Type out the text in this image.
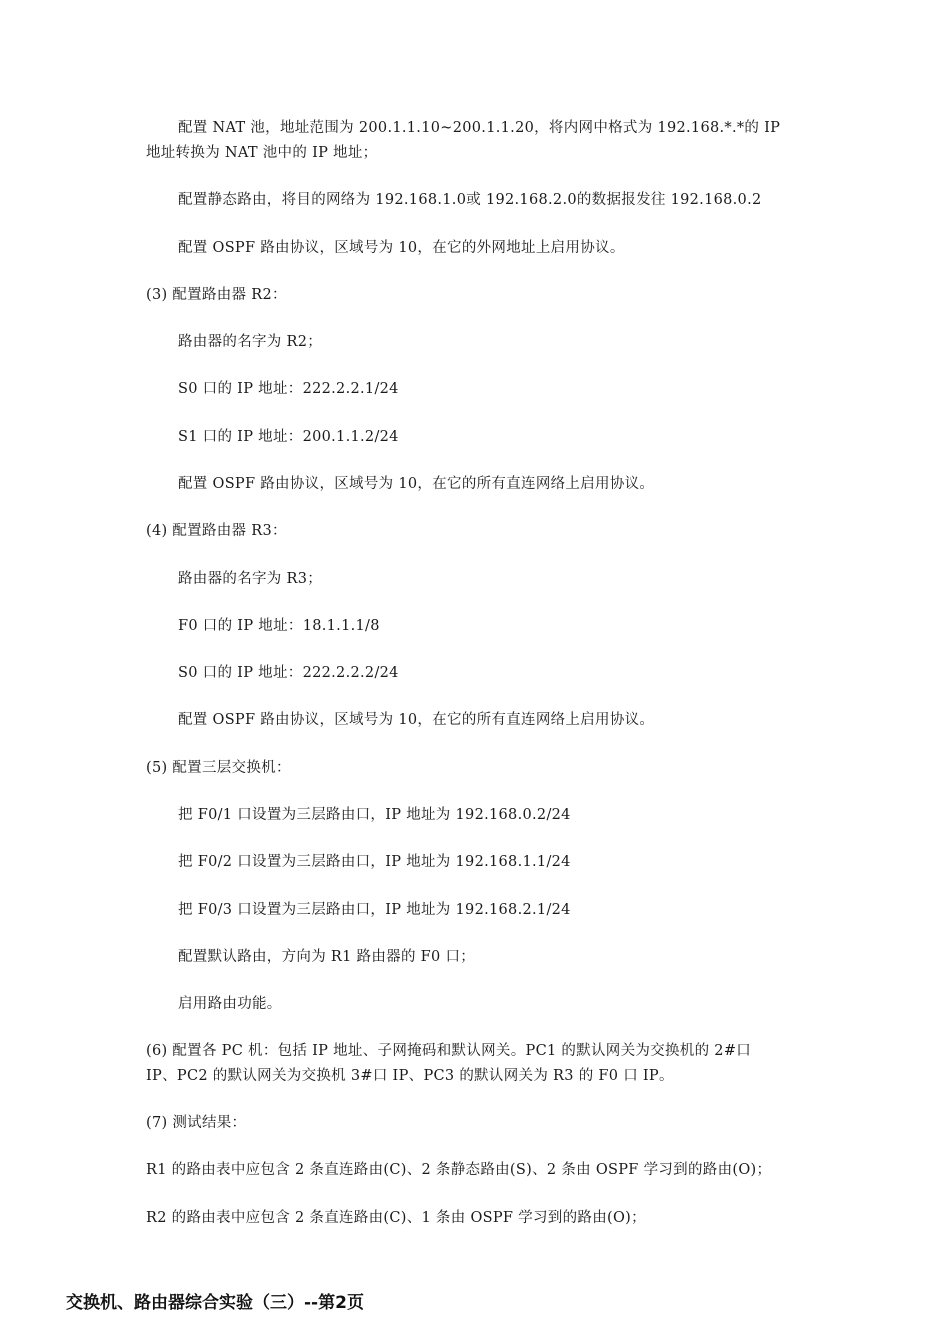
配置 NAT 池，地址范围为 200.1.1.10~200.1.1.20，将内网中格式为 192.168.*.*的 IP
地址转换为 NAT 池中的 IP 地址；
配置静态路由，将目的网络为 192.168.1.0或 192.168.2.0的数据报发往 192.168.0.2
配置 OSPF 路由协议，区域号为 10，在它的外网地址上启用协议。
(3) 配置路由器 R2：
路由器的名字为 R2；
S0 口的 IP 地址：222.2.2.1/24
S1 口的 IP 地址：200.1.1.2/24
配置 OSPF 路由协议，区域号为 10，在它的所有直连网络上启用协议。
(4) 配置路由器 R3：
路由器的名字为 R3；
F0 口的 IP 地址：18.1.1.1/8
S0 口的 IP 地址：222.2.2.2/24
配置 OSPF 路由协议，区域号为 10，在它的所有直连网络上启用协议。
(5) 配置三层交换机：
把 F0/1 口设置为三层路由口，IP 地址为 192.168.0.2/24
把 F0/2 口设置为三层路由口，IP 地址为 192.168.1.1/24
把 F0/3 口设置为三层路由口，IP 地址为 192.168.2.1/24
配置默认路由，方向为 R1 路由器的 F0 口；
启用路由功能。
(6) 配置各 PC 机：包括 IP 地址、子网掩码和默认网关。PC1 的默认网关为交换机的 2#口
IP、PC2 的默认网关为交换机 3#口 IP、PC3 的默认网关为 R3 的 F0 口 IP。
(7) 测试结果：
R1 的路由表中应包含 2 条直连路由(C)、2 条静态路由(S)、2 条由 OSPF 学习到的路由(O)；
R2 的路由表中应包含 2 条直连路由(C)、1 条由 OSPF 学习到的路由(O)；
交换机、路由器综合实验（三）--第2页
